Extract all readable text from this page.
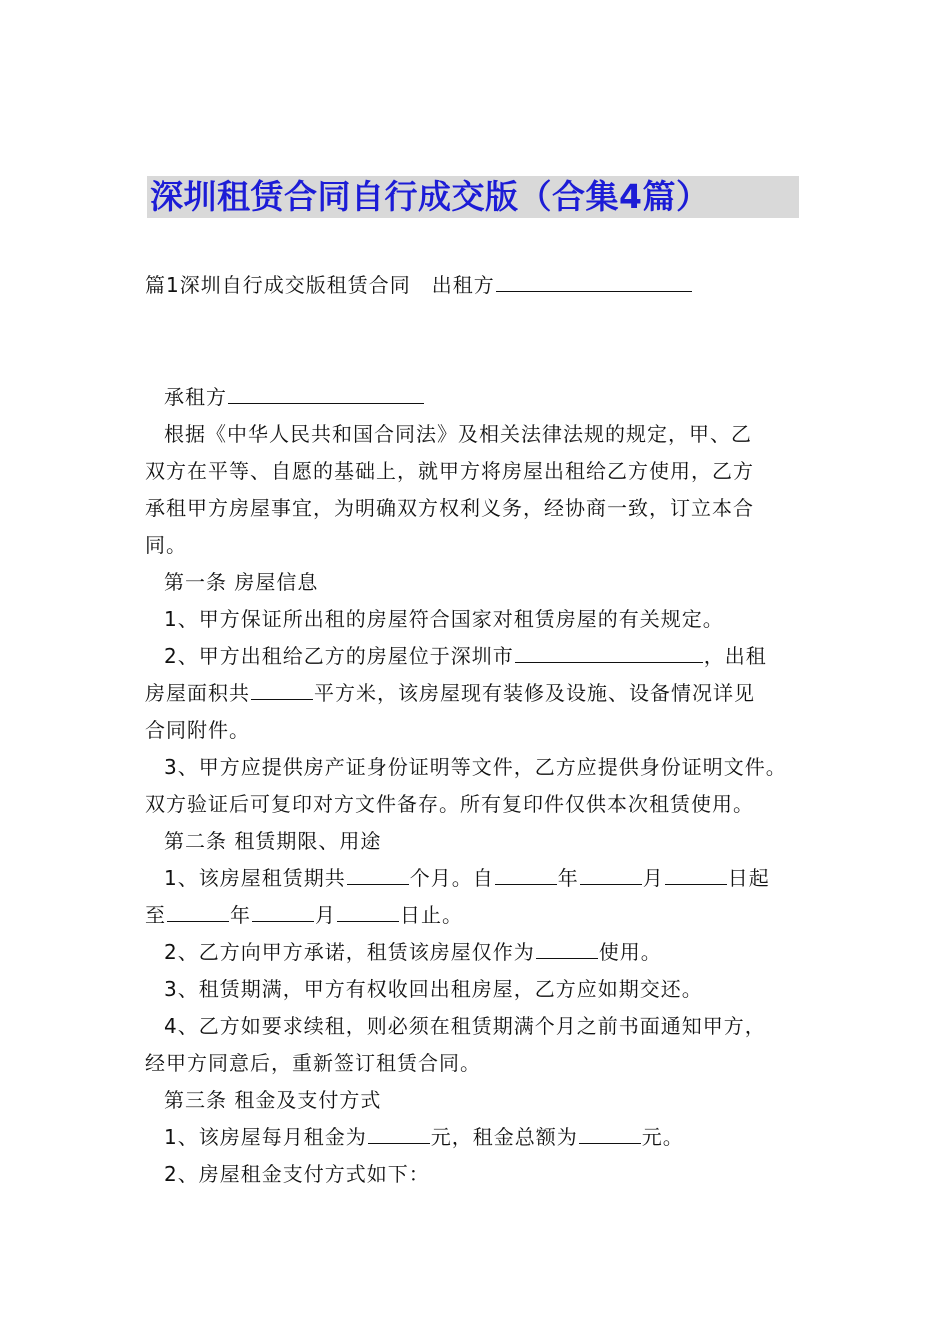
深圳租赁合同自行成交版（合集4篇）
篇1深圳自行成交版租赁合同　出租方
承租方
根据《中华人民共和国合同法》及相关法律法规的规定，甲、乙
双方在平等、自愿的基础上，就甲方将房屋出租给乙方使用，乙方
承租甲方房屋事宜，为明确双方权利义务，经协商一致，订立本合
同。
第一条 房屋信息
1、甲方保证所出租的房屋符合国家对租赁房屋的有关规定。
2、甲方出租给乙方的房屋位于深圳市	，出租
房屋面积共	平方米，该房屋现有装修及设施、设备情况详见
合同附件。
3、甲方应提供房产证身份证明等文件，乙方应提供身份证明文件。
双方验证后可复印对方文件备存。所有复印件仅供本次租赁使用。
第二条 租赁期限、用途
1、该房屋租赁期共	个月。自	年	月	日起
至	年	月	日止。
2、乙方向甲方承诺，租赁该房屋仅作为	使用。
3、租赁期满，甲方有权收回出租房屋，乙方应如期交还。
4、乙方如要求续租，则必须在租赁期满个月之前书面通知甲方，
经甲方同意后，重新签订租赁合同。
第三条 租金及支付方式
1、该房屋每月租金为	元，租金总额为	元。
2、房屋租金支付方式如下：
